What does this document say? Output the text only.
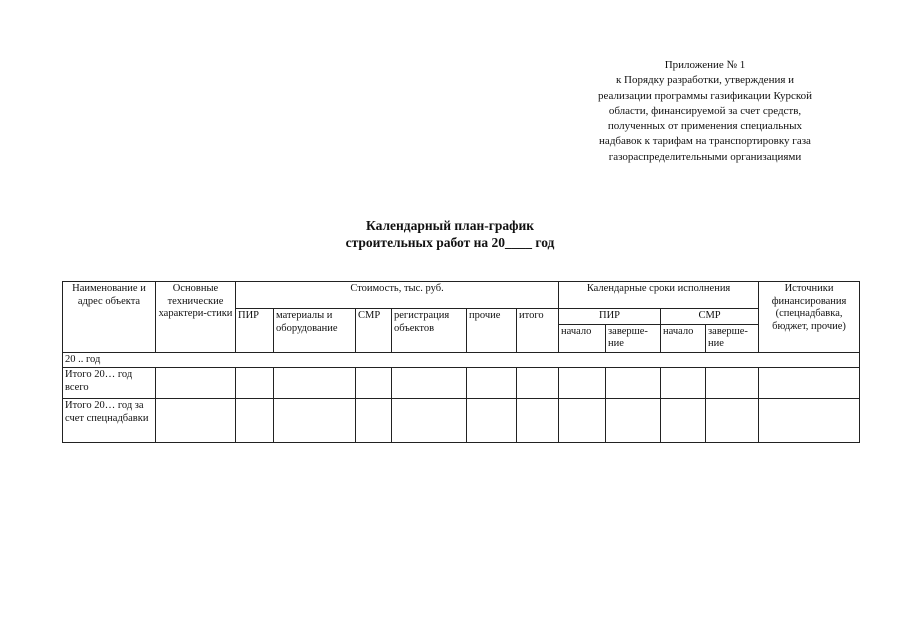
Приложение № 1
к Порядку разработки, утверждения и
реализации программы газификации Курской
области, финансируемой за счет средств,
полученных от применения специальных
надбавок к тарифам на транспортировку газа
газораспределительными организациями
Календарный план-график
строительных работ на 20____ год
Наименование и адрес объекта	Основные технические характери-стики	Стоимость, тыс. руб.						Календарные сроки исполнения				Источники финансирования (спецнадбавка, бюджет, прочие)
		ПИР	материалы и оборудование	СМР	регистрация объектов	прочие	итого	ПИР		СМР		
								начало	заверше-ние	начало	заверше-ние	
20 .. год												
Итого 20… год всего												
Итого 20… год за счет спецнадбавки												
